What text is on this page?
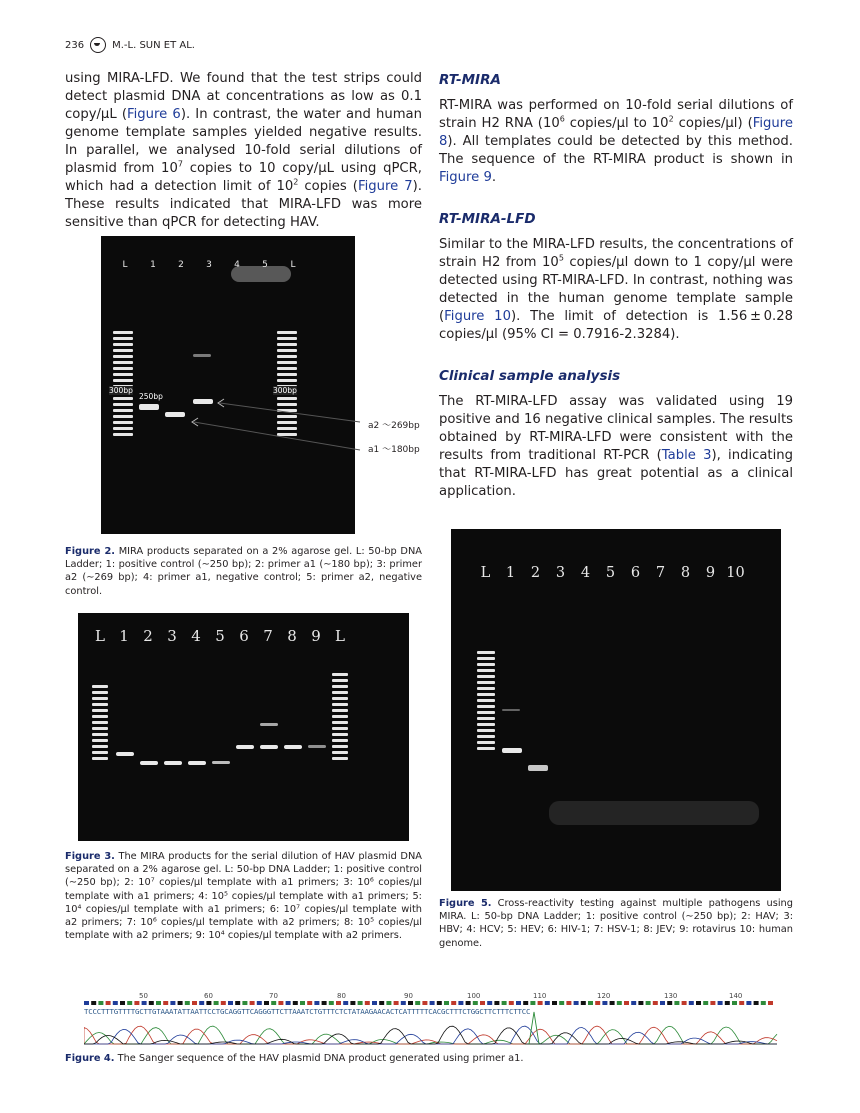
236	M.-L. SUN ET AL.

using MIRA-LFD. We found that the test strips could detect plasmid DNA at concentrations as low as 0.1 copy/μL (Figure 6). In contrast, the water and human genome template samples yielded negative results. In parallel, we analysed 10-fold serial dilutions of plasmid from $10^7$ copies to 10 copy/μL using qPCR, which had a detection limit of $10^2$ copies (Figure 7). These results indicated that MIRA-LFD was more sensitive than qPCR for detecting HAV.

RT-MIRA

RT-MIRA was performed on 10-fold serial dilutions of strain H2 RNA ($10^6$ copies/μl to $10^2$ copies/μl) (Figure 8). All templates could be detected by this method. The sequence of the RT-MIRA product is shown in Figure 9.

RT-MIRA-LFD

Similar to the MIRA-LFD results, the concentrations of strain H2 from $10^5$ copies/μl down to 1 copy/μl were detected using RT-MIRA-LFD. In contrast, nothing was detected in the human genome template sample (Figure 10). The limit of detection is 1.56 ± 0.28 copies/μl (95% CI = 0.7916-2.3284).

Clinical sample analysis

The RT-MIRA-LFD assay was validated using 19 positive and 16 negative clinical samples. The results obtained by RT-MIRA-LFD were consistent with the results from traditional RT-PCR (Table 3), indicating that RT-MIRA-LFD has great potential as a clinical application.

L	1	2	3	4	5	L
300bp	300bp
250bp
a2 ～269bp
a1 ～180bp
Figure 2. MIRA products separated on a 2% agarose gel. L: 50-bp DNA Ladder; 1: positive control (∼250 bp); 2: primer a1 (∼180 bp); 3: primer a2 (∼269 bp); 4: primer a1, negative control; 5: primer a2, negative control.
L 1 2 3 4 5 6 7 8 9 L
Figure 3. The MIRA products for the serial dilution of HAV plasmid DNA separated on a 2% agarose gel. L: 50-bp DNA Ladder; 1: positive control (∼250 bp); 2: 10⁷ copies/μl template with a1 primers; 3: 10⁶ copies/μl template with a1 primers; 4: 10⁵ copies/μl template with a1 primers; 5: 10⁴ copies/μl template with a1 primers; 6: 10⁷ copies/μl template with a2 primers; 7: 10⁶ copies/μl template with a2 primers; 8: 10⁵ copies/μl template with a2 primers; 9: 10⁴ copies/μl template with a2 primers.
L	1	2	3	4	5	6	7	8	9 10
Figure 5. Cross-reactivity testing against multiple pathogens using MIRA. L: 50-bp DNA Ladder; 1: positive control (∼250 bp); 2: HAV; 3: HBV; 4: HCV; 5: HEV; 6: HIV-1; 7: HSV-1; 8: JEV; 9: rotavirus 10: human genome.
50	60	70	80	90	100	110	120	130	140
TCCCTTTGTTTTGCTTGTAAATATTAATTCCTGCAGGTTCAGGGTTCTTAAATCTGTTTCTCTATAAGAACACTCATTTTTCACGCTTTCTGGCTTCTTTCTTCC
Figure 4. The Sanger sequence of the HAV plasmid DNA product generated using primer a1.
